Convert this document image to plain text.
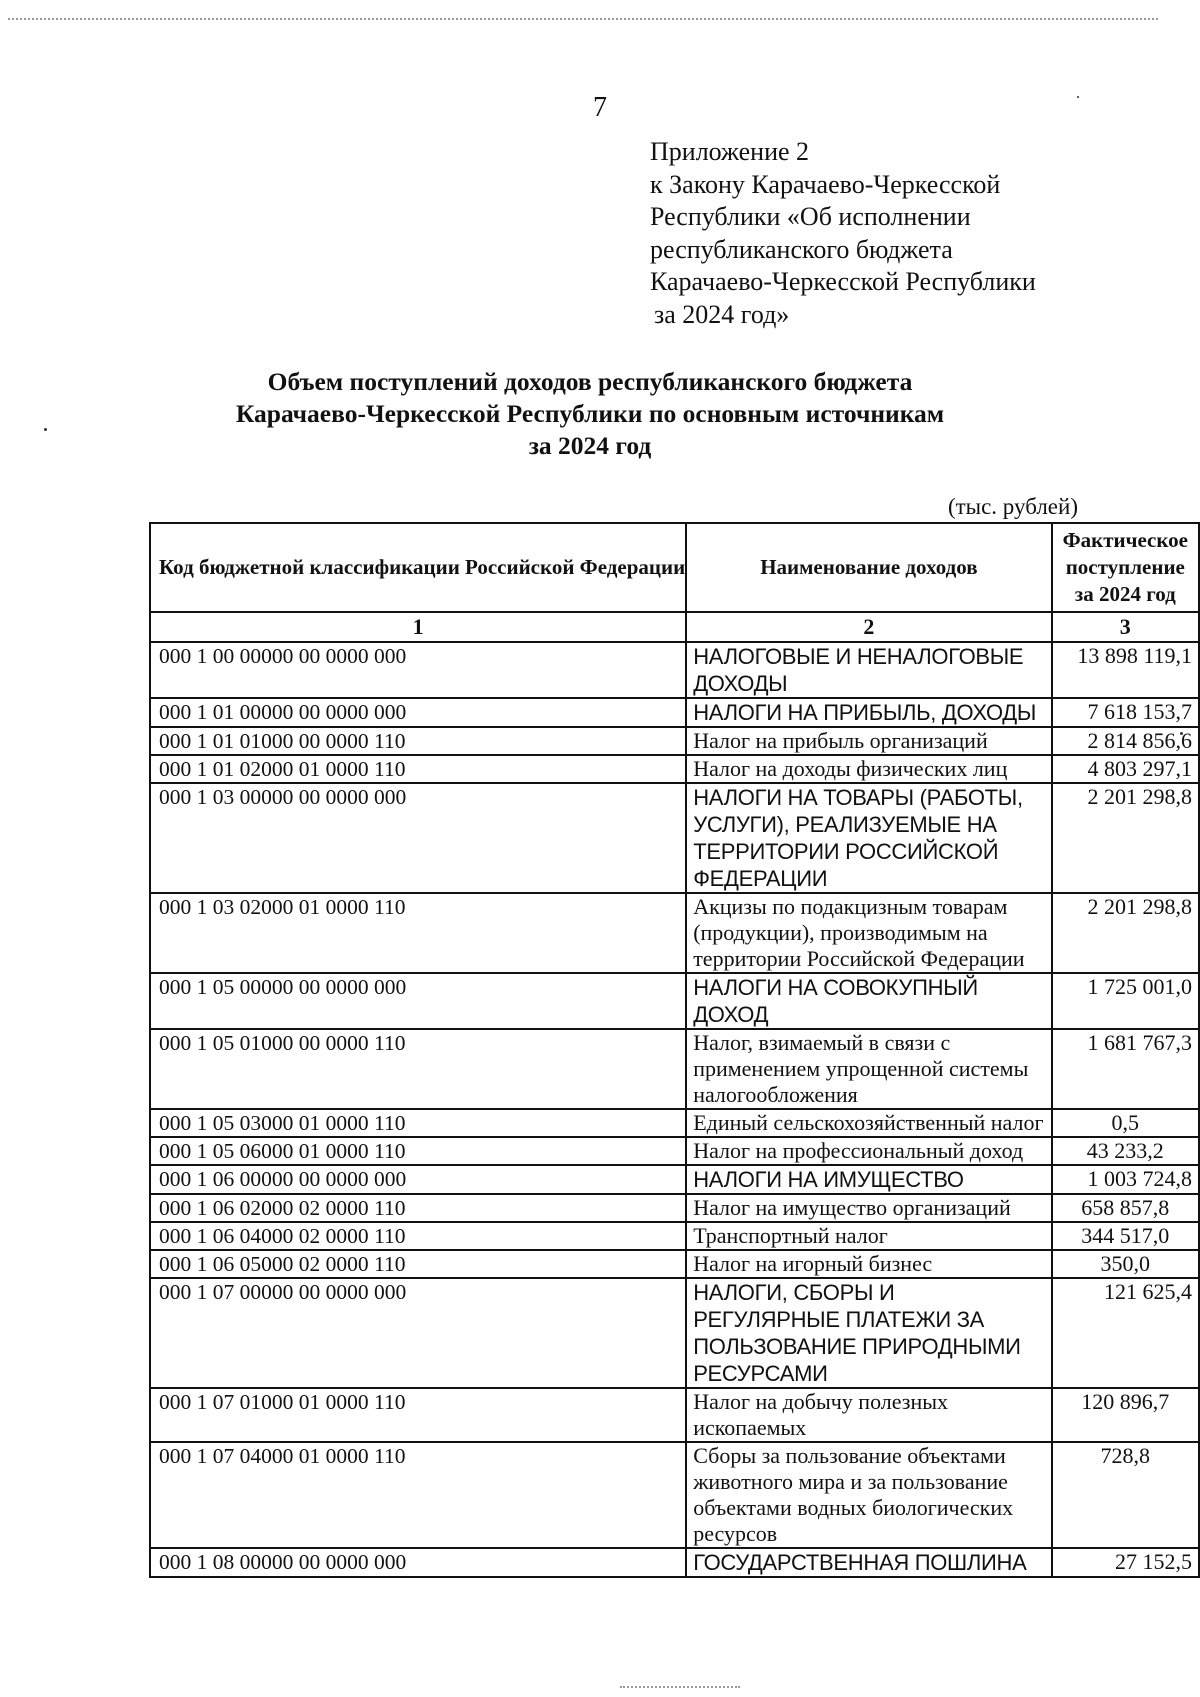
7
Приложение 2
к Закону Карачаево-Черкесской
Республики «Об исполнении
республиканского бюджета
Карачаево-Черкесской Республики
за 2024 год»
Объем поступлений доходов республиканского бюджета
Карачаево-Черкесской Республики по основным источникам
за 2024 год
(тыс. рублей)
Код бюджетной классификации Российской Федерации	Наименование доходов	Фактическое поступление за 2024 год
1	2	3
000 1 00 00000 00 0000 000	НАЛОГОВЫЕ И НЕНАЛОГОВЫЕ ДОХОДЫ	13 898 119,1
000 1 01 00000 00 0000 000	НАЛОГИ НА ПРИБЫЛЬ, ДОХОДЫ	7 618 153,7
000 1 01 01000 00 0000 110	Налог на прибыль организаций	2 814 856,6
000 1 01 02000 01 0000 110	Налог на доходы физических лиц	4 803 297,1
000 1 03 00000 00 0000 000	НАЛОГИ НА ТОВАРЫ (РАБОТЫ, УСЛУГИ), РЕАЛИЗУЕМЫЕ НА ТЕРРИТОРИИ РОССИЙСКОЙ ФЕДЕРАЦИИ	2 201 298,8
000 1 03 02000 01 0000 110	Акцизы по подакцизным товарам (продукции), производимым на территории Российской Федерации	2 201 298,8
000 1 05 00000 00 0000 000	НАЛОГИ НА СОВОКУПНЫЙ ДОХОД	1 725 001,0
000 1 05 01000 00 0000 110	Налог, взимаемый в связи с применением упрощенной системы налогообложения	1 681 767,3
000 1 05 03000 01 0000 110	Единый сельскохозяйственный налог	0,5
000 1 05 06000 01 0000 110	Налог на профессиональный доход	43 233,2
000 1 06 00000 00 0000 000	НАЛОГИ НА ИМУЩЕСТВО	1 003 724,8
000 1 06 02000 02 0000 110	Налог на имущество организаций	658 857,8
000 1 06 04000 02 0000 110	Транспортный налог	344 517,0
000 1 06 05000 02 0000 110	Налог на игорный бизнес	350,0
000 1 07 00000 00 0000 000	НАЛОГИ, СБОРЫ И РЕГУЛЯРНЫЕ ПЛАТЕЖИ ЗА ПОЛЬЗОВАНИЕ ПРИРОДНЫМИ РЕСУРСАМИ	121 625,4
000 1 07 01000 01 0000 110	Налог на добычу полезных ископаемых	120 896,7
000 1 07 04000 01 0000 110	Сборы за пользование объектами животного мира и за пользование объектами водных биологических ресурсов	728,8
000 1 08 00000 00 0000 000	ГОСУДАРСТВЕННАЯ ПОШЛИНА	27 152,5
